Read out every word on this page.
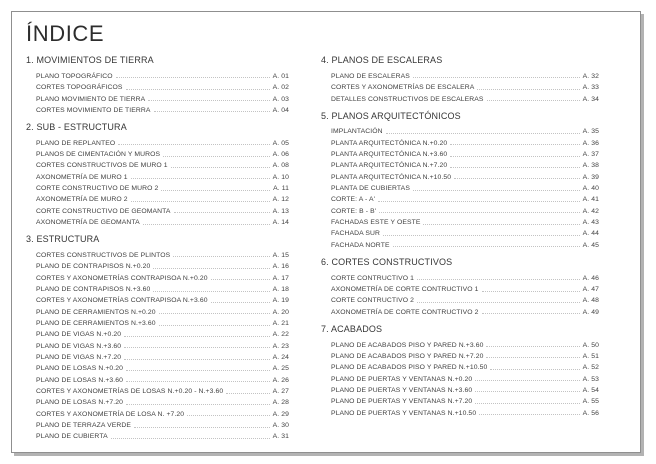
ÍNDICE
1. MOVIMIENTOS DE TIERRA
PLANO TOPOGRÁFICO	A. 01
CORTES TOPOGRÁFICOS	A. 02
PLANO MOVIMIENTO DE TIERRA	A. 03
CORTES MOVIMIENTO DE TIERRA	A. 04
2. SUB - ESTRUCTURA
PLANO DE REPLANTEO	A. 05
PLANOS DE CIMENTACIÓN Y MUROS	A. 06
CORTES CONSTRUCTIVOS DE MURO 1	A. 08
AXONOMETRÍA DE MURO 1	A. 10
CORTE CONSTRUCTIVO DE MURO 2	A. 11
AXONOMETRÍA DE MURO 2	A. 12
CORTE CONSTRUCTIVO DE GEOMANTA	A. 13
AXONOMETRÍA DE GEOMANTA	A. 14
3. ESTRUCTURA
CORTES CONSTRUCTIVOS DE PLINTOS	A. 15
PLANO DE CONTRAPISOS N.+0.20	A. 16
CORTES Y AXONOMETRÍAS CONTRAPISOA N.+0.20	A. 17
PLANO DE CONTRAPISOS N.+3.60	A. 18
CORTES Y AXONOMETRÍAS CONTRAPISOA N.+3.60	A. 19
PLANO DE CERRAMIENTOS N.+0.20	A. 20
PLANO DE CERRAMIENTOS N.+3.60	A. 21
PLANO DE VIGAS N.+0.20	A. 22
PLANO DE VIGAS N.+3.60	A. 23
PLANO DE VIGAS N.+7.20	A. 24
PLANO DE LOSAS N.+0.20	A. 25
PLANO DE LOSAS N.+3.60	A. 26
CORTES Y AXONOMETRÍAS DE LOSAS N.+0.20 - N.+3.60	A. 27
PLANO DE LOSAS N.+7.20	A. 28
CORTES Y AXONOMETRÍA DE LOSA N. +7.20	A. 29
PLANO DE TERRAZA VERDE	A. 30
PLANO DE CUBIERTA	A. 31
4. PLANOS DE ESCALERAS
PLANO DE ESCALERAS	A. 32
CORTES Y AXONOMETRÍAS DE ESCALERA	A. 33
DETALLES CONSTRUCTIVOS DE ESCALERAS	A. 34
5. PLANOS ARQUITECTÓNICOS
IMPLANTACIÓN	A. 35
PLANTA ARQUITECTÓNICA N.+0.20	A. 36
PLANTA ARQUITECTÓNICA N.+3.60	A. 37
PLANTA ARQUITECTÓNICA N.+7.20	A. 38
PLANTA ARQUITECTÓNICA N.+10.50	A. 39
PLANTA DE CUBIERTAS	A. 40
CORTE: A - A'	A. 41
CORTE: B - B'	A. 42
FACHADAS ESTE Y OESTE	A. 43
FACHADA SUR	A. 44
FACHADA NORTE	A. 45
6. CORTES CONSTRUCTIVOS
CORTE CONTRUCTIVO 1	A. 46
AXONOMETRÍA DE CORTE CONTRUCTIVO 1	A. 47
CORTE CONTRUCTIVO 2	A. 48
AXONOMETRÍA DE CORTE CONTRUCTIVO 2	A. 49
7. ACABADOS
PLANO DE ACABADOS PISO Y PARED N.+3.60	A. 50
PLANO DE ACABADOS PISO Y PARED N.+7.20	A. 51
PLANO DE ACABADOS PISO Y PARED N.+10.50	A. 52
PLANO DE PUERTAS Y VENTANAS N.+0.20	A. 53
PLANO DE PUERTAS Y VENTANAS N.+3.60	A. 54
PLANO DE PUERTAS Y VENTANAS N.+7.20	A. 55
PLANO DE PUERTAS Y VENTANAS N.+10.50	A. 56
